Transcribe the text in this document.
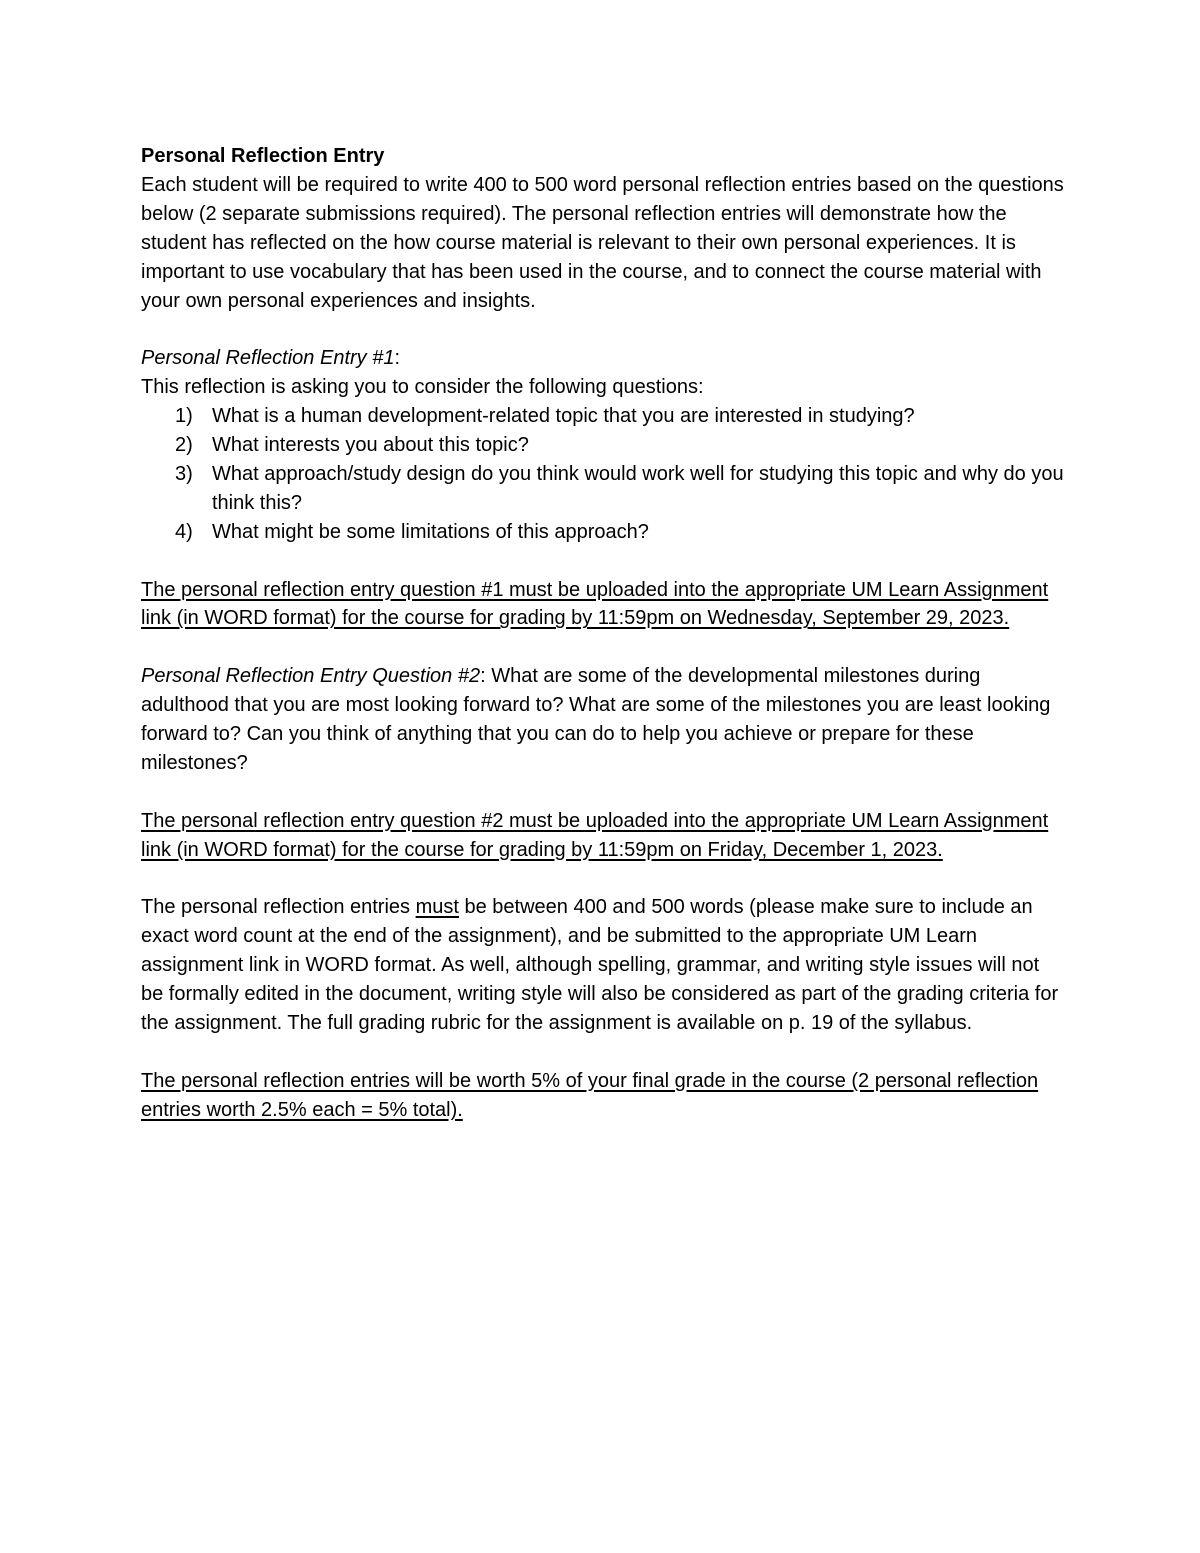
Personal Reflection Entry

Each student will be required to write 400 to 500 word personal reflection entries based on the questions below (2 separate submissions required). The personal reflection entries will demonstrate how the student has reflected on the how course material is relevant to their own personal experiences. It is important to use vocabulary that has been used in the course, and to connect the course material with your own personal experiences and insights.

Personal Reflection Entry #1:

This reflection is asking you to consider the following questions:

1) What is a human development-related topic that you are interested in studying?
2) What interests you about this topic?
3) What approach/study design do you think would work well for studying this topic and why do you think this?
4) What might be some limitations of this approach?

The personal reflection entry question #1 must be uploaded into the appropriate UM Learn Assignment link (in WORD format) for the course for grading by 11:59pm on Wednesday, September 29, 2023.

Personal Reflection Entry Question #2: What are some of the developmental milestones during adulthood that you are most looking forward to? What are some of the milestones you are least looking forward to? Can you think of anything that you can do to help you achieve or prepare for these milestones?

The personal reflection entry question #2 must be uploaded into the appropriate UM Learn Assignment link (in WORD format) for the course for grading by 11:59pm on Friday, December 1, 2023.

The personal reflection entries must be between 400 and 500 words (please make sure to include an exact word count at the end of the assignment), and be submitted to the appropriate UM Learn assignment link in WORD format. As well, although spelling, grammar, and writing style issues will not be formally edited in the document, writing style will also be considered as part of the grading criteria for the assignment. The full grading rubric for the assignment is available on p. 19 of the syllabus.

The personal reflection entries will be worth 5% of your final grade in the course (2 personal reflection entries worth 2.5% each = 5% total).
